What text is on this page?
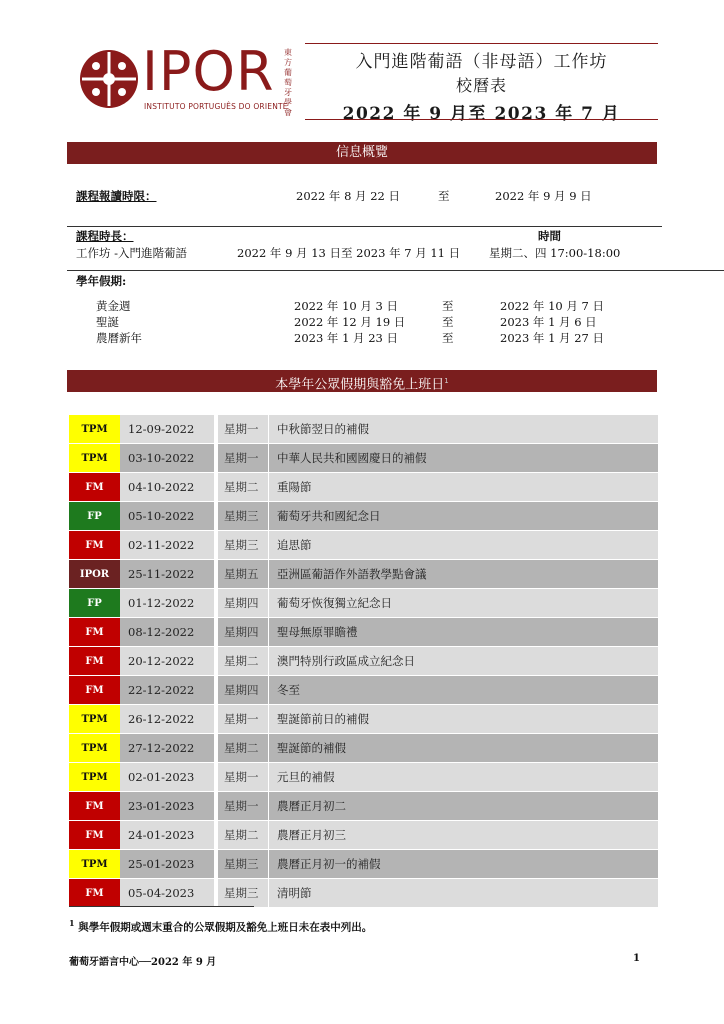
IPOR
INSTITUTO PORTUGUÊS DO ORIENTE
東方葡萄牙學會
入門進階葡語（非母語）工作坊
校曆表
2022 年 9 月至 2023 年 7 月
信息概覽
課程報讀時限：	2022 年 8 月 22 日	至	2022 年 9 月 9 日
課程時長：	時間
工作坊 -入門進階葡語	2022 年 9 月 13 日至 2023 年 7 月 11 日	星期二、四 17:00-18:00
學年假期:
黄金週	2022 年 10 月 3 日	至	2022 年 10 月 7 日
聖誕	2022 年 12 月 19 日	至	2023 年 1 月 6 日
農曆新年	2023 年 1 月 23 日	至	2023 年 1 月 27 日
本學年公眾假期與豁免上班日$^1$
TPM	12-09-2022	星期一	中秋節翌日的補假
TPM	03-10-2022	星期一	中華人民共和國國慶日的補假
FM	04-10-2022	星期二	重陽節
FP	05-10-2022	星期三	葡萄牙共和國紀念日
FM	02-11-2022	星期三	追思節
IPOR	25-11-2022	星期五	亞洲區葡語作外語教學點會議
FP	01-12-2022	星期四	葡萄牙恢復獨立紀念日
FM	08-12-2022	星期四	聖母無原罪瞻禮
FM	20-12-2022	星期二	澳門特別行政區成立紀念日
FM	22-12-2022	星期四	冬至
TPM	26-12-2022	星期一	聖誕節前日的補假
TPM	27-12-2022	星期二	聖誕節的補假
TPM	02-01-2023	星期一	元旦的補假
FM	23-01-2023	星期一	農曆正月初二
FM	24-01-2023	星期二	農曆正月初三
TPM	25-01-2023	星期三	農曆正月初一的補假
FM	05-04-2023	星期三	清明節
$^1$ 與學年假期或週末重合的公眾假期及豁免上班日未在表中列出。
葡萄牙語言中心──2022 年 9 月	1
